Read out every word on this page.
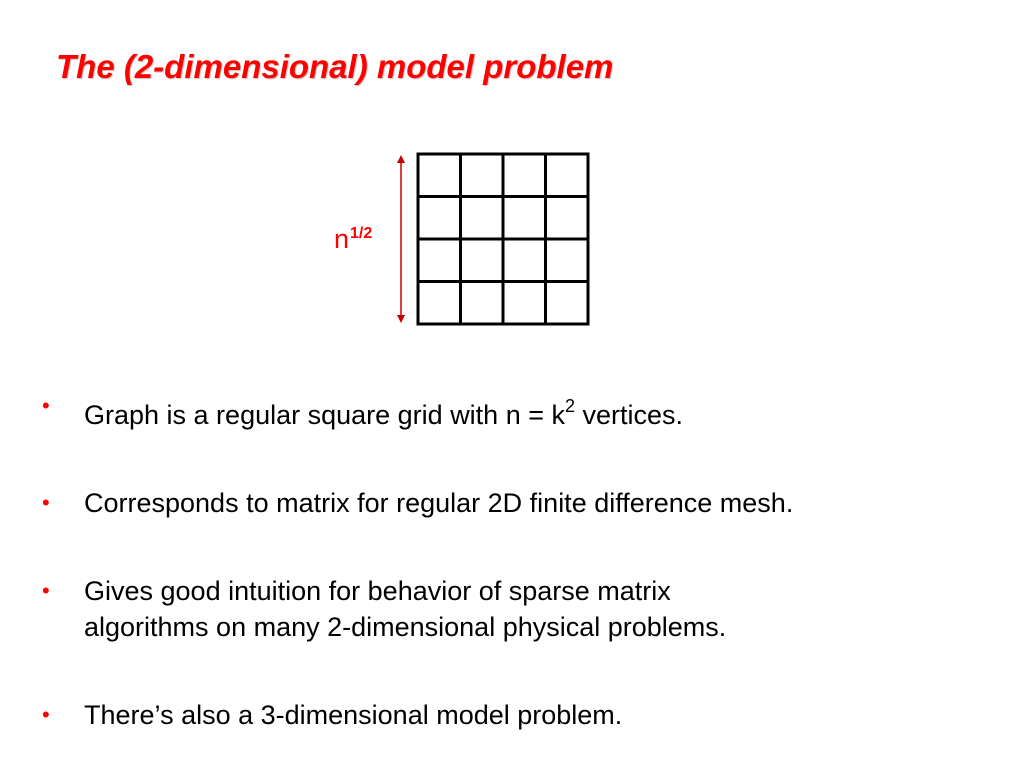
The (2-dimensional) model problem
$n^{1/2}$
• Graph is a regular square grid with $n = k^2$ vertices.
• Corresponds to matrix for regular 2D finite difference mesh.
• Gives good intuition for behavior of sparse matrix
algorithms on many 2-dimensional physical problems.
• There’s also a 3-dimensional model problem.
